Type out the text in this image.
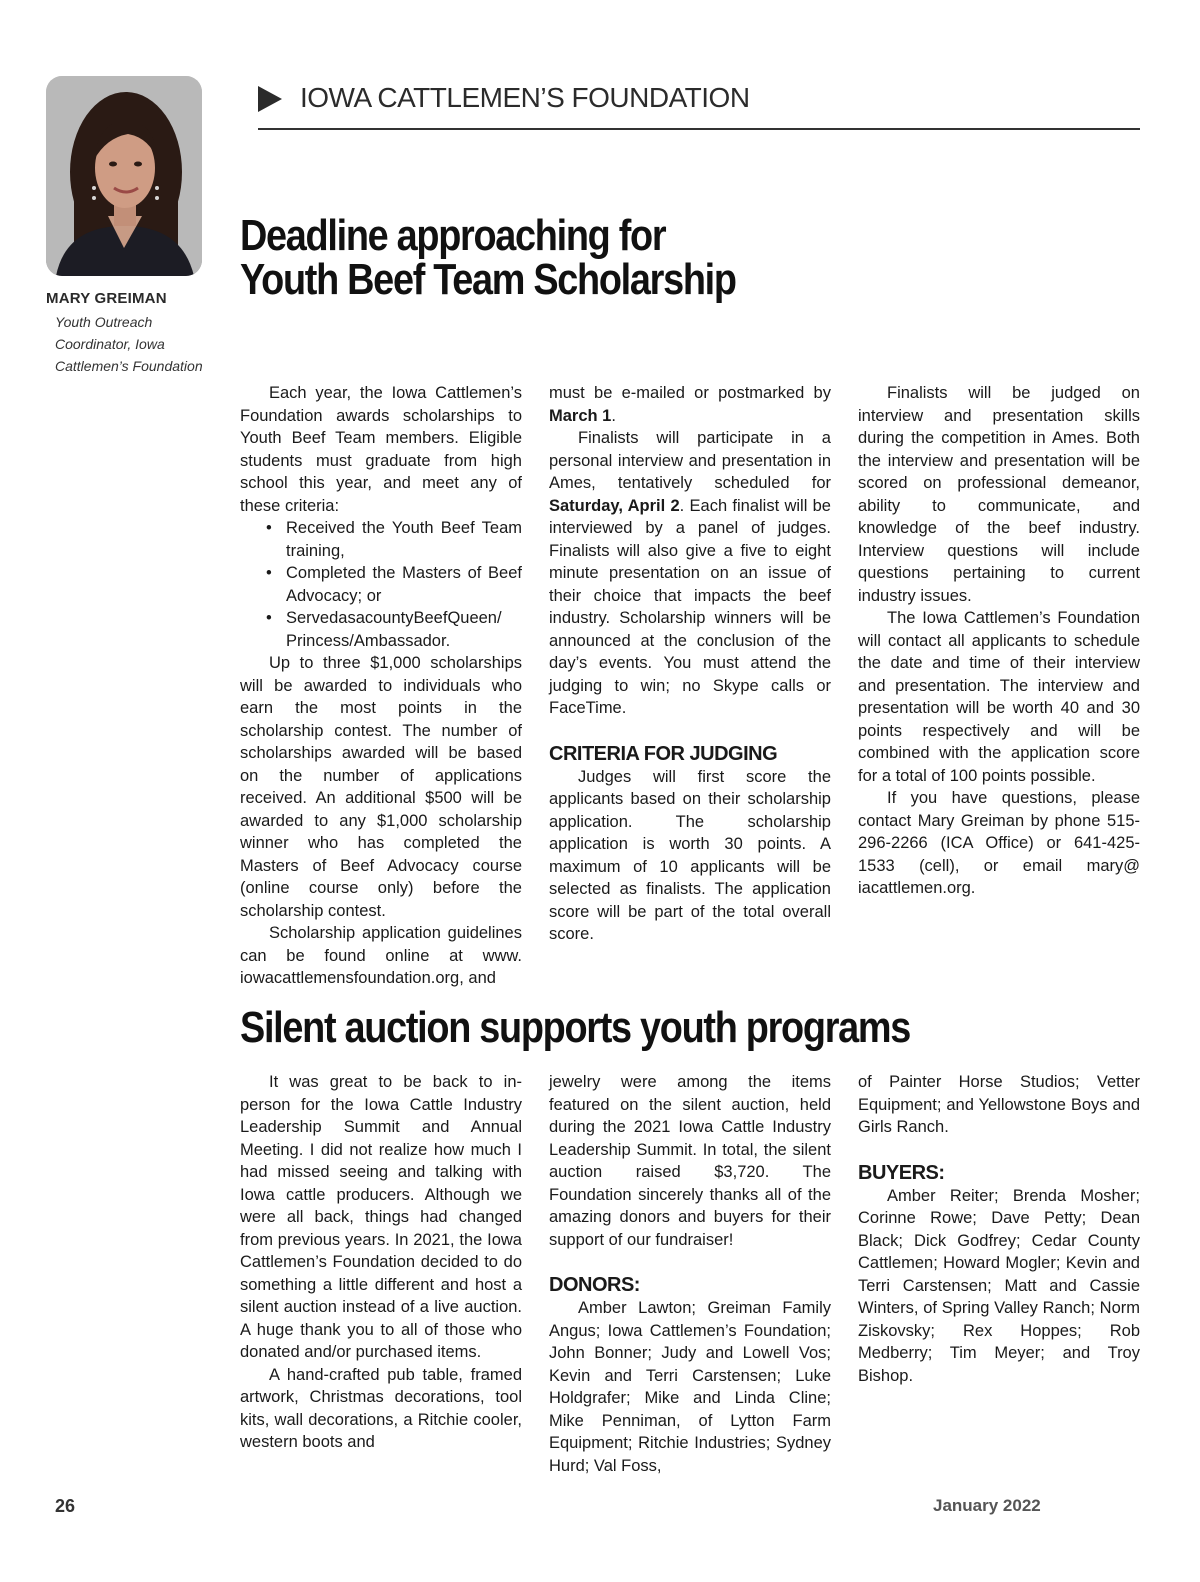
MARY GREIMAN
Youth Outreach
Coordinator, Iowa
Cattlemen’s Foundation
IOWA CATTLEMEN’S FOUNDATION
Deadline approaching for
Youth Beef Team Scholarship

Each year, the Iowa Cattlemen’s Foundation awards scholarships to Youth Beef Team members. Eligible students must graduate from high school this year, and meet any of these criteria:

• Received the Youth Beef Team training,
• Completed the Masters of Beef Advocacy; or
• ServedasacountyBeefQueen/ Princess/Ambassador.

Up to three $1,000 scholarships will be awarded to individuals who earn the most points in the scholarship contest. The number of scholarships awarded will be based on the number of applications received. An additional $500 will be awarded to any $1,000 scholarship winner who has completed the Masters of Beef Advocacy course (online course only) before the scholarship contest.

Scholarship application guidelines can be found online at www. iowacattlemensfoundation.org, and

must be e-mailed or postmarked by March 1.

Finalists will participate in a personal interview and presentation in Ames, tentatively scheduled for Saturday, April 2. Each finalist will be interviewed by a panel of judges. Finalists will also give a five to eight minute presentation on an issue of their choice that impacts the beef industry. Scholarship winners will be announced at the conclusion of the day’s events. You must attend the judging to win; no Skype calls or FaceTime.

CRITERIA FOR JUDGING

Judges will first score the applicants based on their scholarship application. The scholarship application is worth 30 points. A maximum of 10 applicants will be selected as finalists. The application score will be part of the total overall score.

Finalists will be judged on interview and presentation skills during the competition in Ames. Both the interview and presentation will be scored on professional demeanor, ability to communicate, and knowledge of the beef industry. Interview questions will include questions pertaining to current industry issues.

The Iowa Cattlemen’s Foundation will contact all applicants to schedule the date and time of their interview and presentation. The interview and presentation will be worth 40 and 30 points respectively and will be combined with the application score for a total of 100 points possible.

If you have questions, please contact Mary Greiman by phone 515-296-2266 (ICA Office) or 641-425-1533 (cell), or email mary@ iacattlemen.org.

Silent auction supports youth programs

It was great to be back to in-person for the Iowa Cattle Industry Leadership Summit and Annual Meeting. I did not realize how much I had missed seeing and talking with Iowa cattle producers. Although we were all back, things had changed from previous years. In 2021, the Iowa Cattlemen’s Foundation decided to do something a little different and host a silent auction instead of a live auction. A huge thank you to all of those who donated and/or purchased items.

A hand-crafted pub table, framed artwork, Christmas decorations, tool kits, wall decorations, a Ritchie cooler, western boots and

jewelry were among the items featured on the silent auction, held during the 2021 Iowa Cattle Industry Leadership Summit. In total, the silent auction raised $3,720. The Foundation sincerely thanks all of the amazing donors and buyers for their support of our fundraiser!

DONORS:

Amber Lawton; Greiman Family Angus; Iowa Cattlemen’s Foundation; John Bonner; Judy and Lowell Vos; Kevin and Terri Carstensen; Luke Holdgrafer; Mike and Linda Cline; Mike Penniman, of Lytton Farm Equipment; Ritchie Industries; Sydney Hurd; Val Foss,

of Painter Horse Studios; Vetter Equipment; and Yellowstone Boys and Girls Ranch.

BUYERS:

Amber Reiter; Brenda Mosher; Corinne Rowe; Dave Petty; Dean Black; Dick Godfrey; Cedar County Cattlemen; Howard Mogler; Kevin and Terri Carstensen; Matt and Cassie Winters, of Spring Valley Ranch; Norm Ziskovsky; Rex Hoppes; Rob Medberry; Tim Meyer; and Troy Bishop.

26	January 2022
